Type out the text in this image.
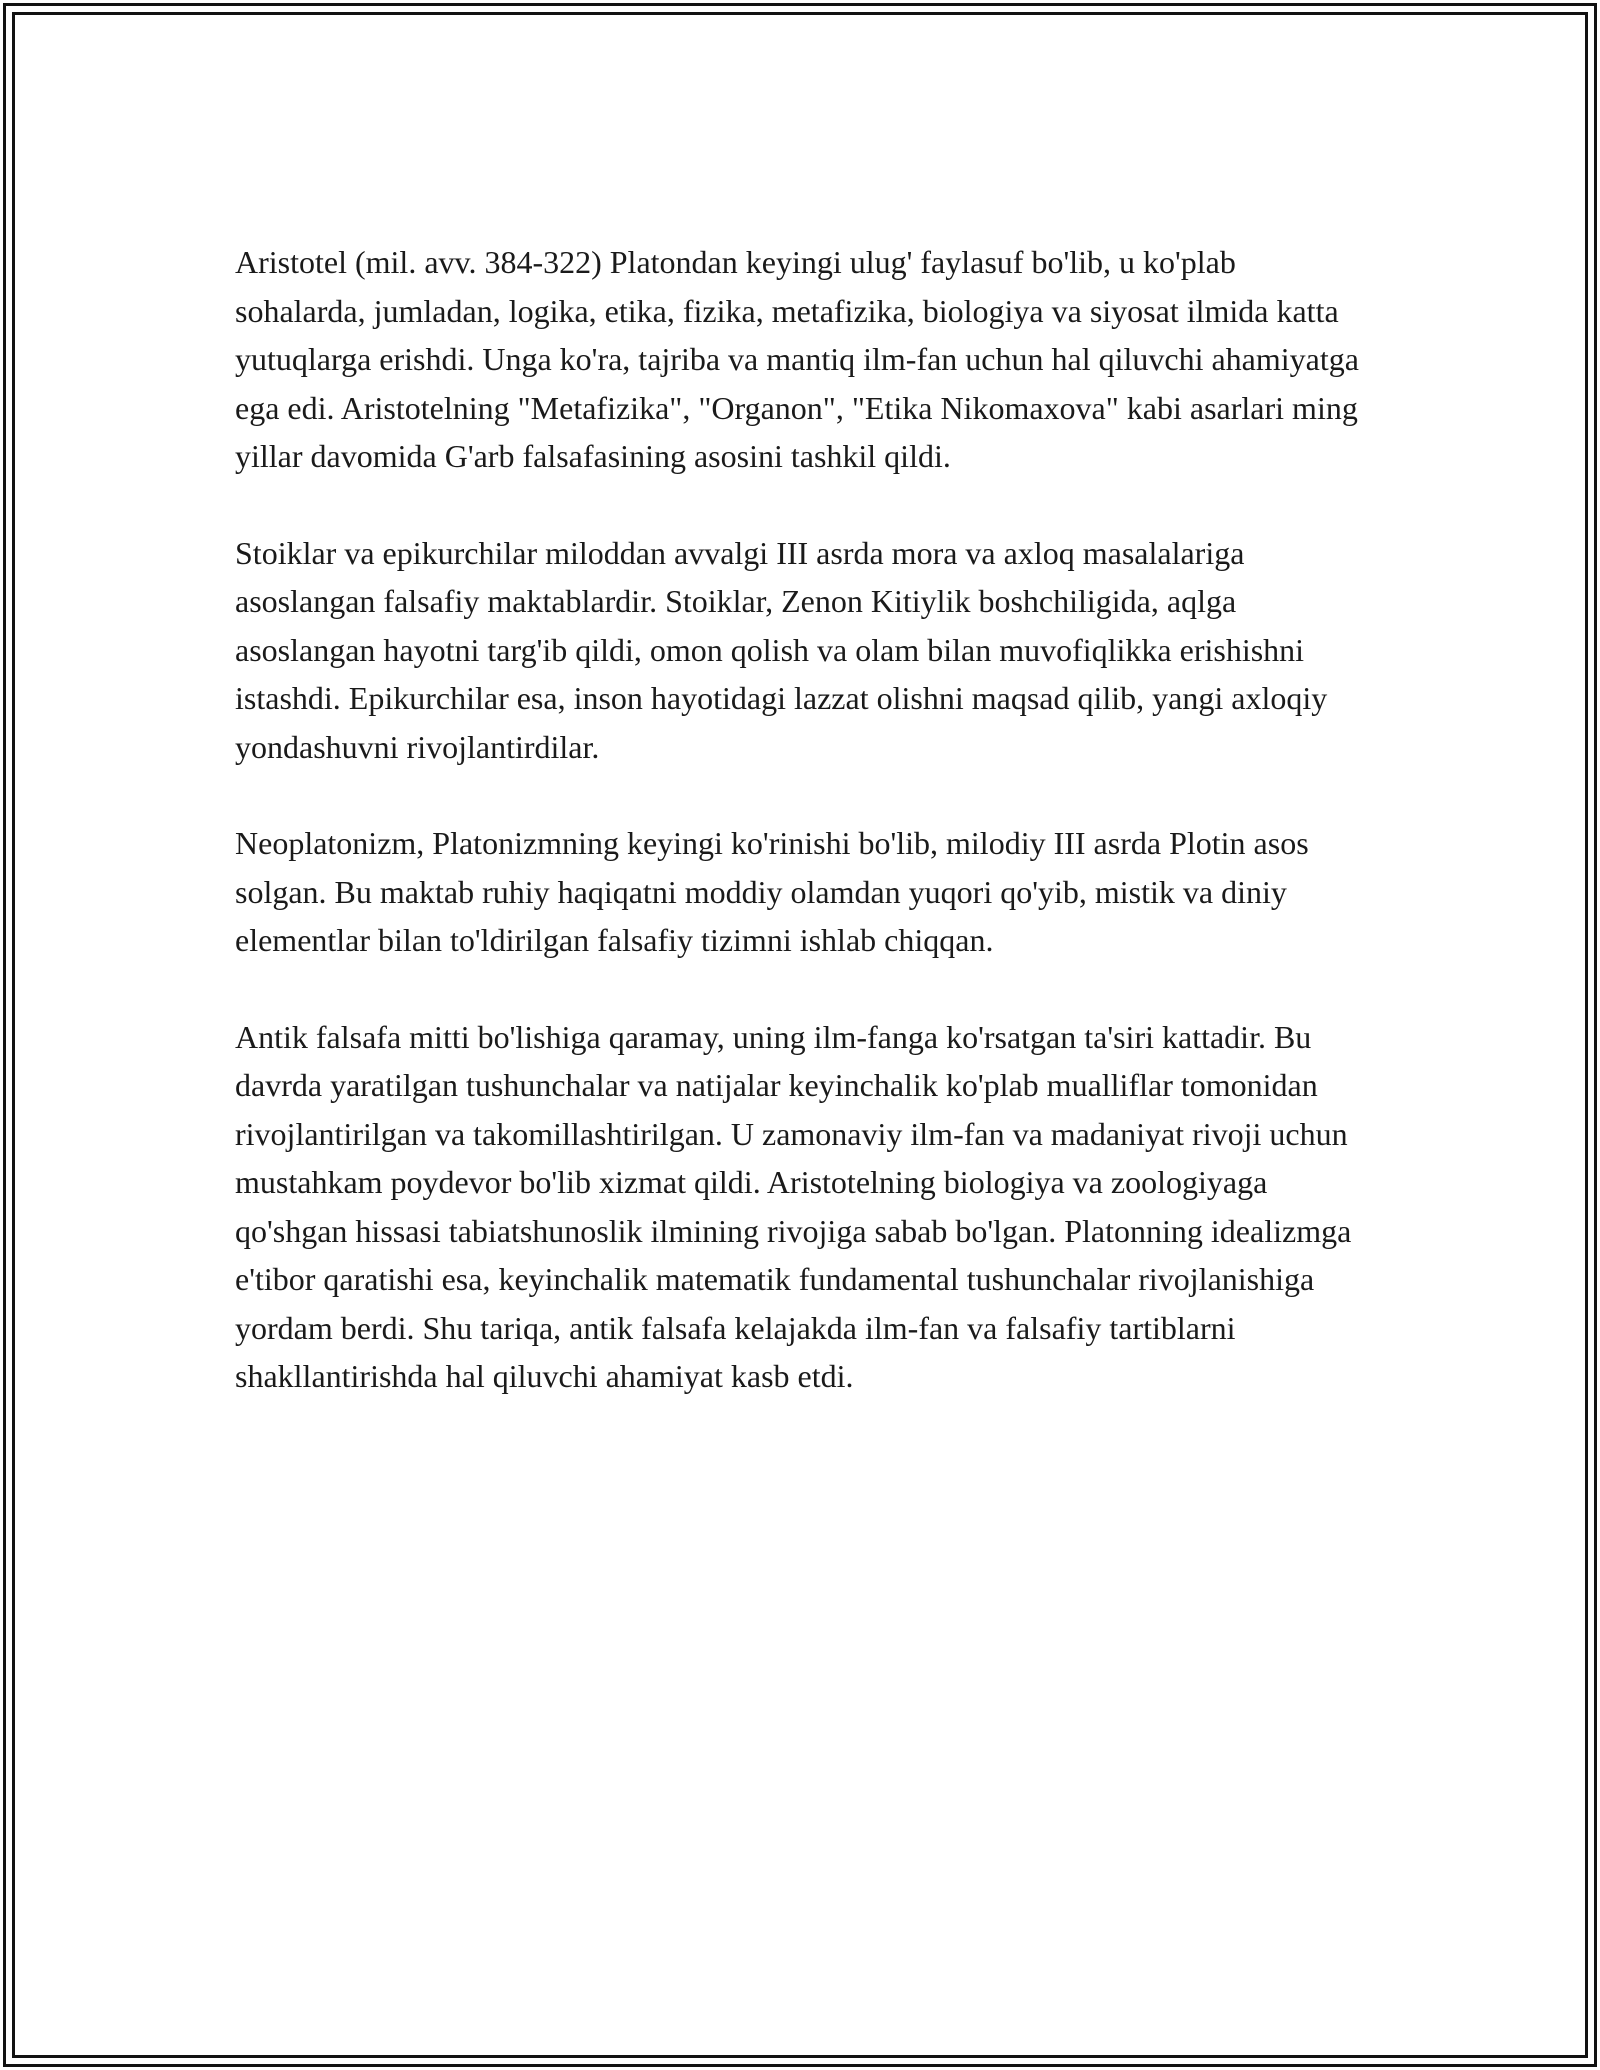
Aristotel (mil. avv. 384-322) Platondan keyingi ulug' faylasuf bo'lib, u ko'plab sohalarda, jumladan, logika, etika, fizika, metafizika, biologiya va siyosat ilmida katta yutuqlarga erishdi. Unga ko'ra, tajriba va mantiq ilm-fan uchun hal qiluvchi ahamiyatga ega edi. Aristotelning "Metafizika", "Organon", "Etika Nikomaxova" kabi asarlari ming yillar davomida G'arb falsafasining asosini tashkil qildi.

Stoiklar va epikurchilar miloddan avvalgi III asrda mora va axloq masalalariga asoslangan falsafiy maktablardir. Stoiklar, Zenon Kitiylik boshchiligida, aqlga asoslangan hayotni targ'ib qildi, omon qolish va olam bilan muvofiqlikka erishishni istashdi. Epikurchilar esa, inson hayotidagi lazzat olishni maqsad qilib, yangi axloqiy yondashuvni rivojlantirdilar.

Neoplatonizm, Platonizmning keyingi ko'rinishi bo'lib, milodiy III asrda Plotin asos solgan. Bu maktab ruhiy haqiqatni moddiy olamdan yuqori qo'yib, mistik va diniy elementlar bilan to'ldirilgan falsafiy tizimni ishlab chiqqan.

Antik falsafa mitti bo'lishiga qaramay, uning ilm-fanga ko'rsatgan ta'siri kattadir. Bu davrda yaratilgan tushunchalar va natijalar keyinchalik ko'plab mualliflar tomonidan rivojlantirilgan va takomillashtirilgan. U zamonaviy ilm-fan va madaniyat rivoji uchun mustahkam poydevor bo'lib xizmat qildi. Aristotelning biologiya va zoologiyaga qo'shgan hissasi tabiatshunoslik ilmining rivojiga sabab bo'lgan. Platonning idealizmga e'tibor qaratishi esa, keyinchalik matematik fundamental tushunchalar rivojlanishiga yordam berdi. Shu tariqa, antik falsafa kelajakda ilm-fan va falsafiy tartiblarni shakllantirishda hal qiluvchi ahamiyat kasb etdi.
